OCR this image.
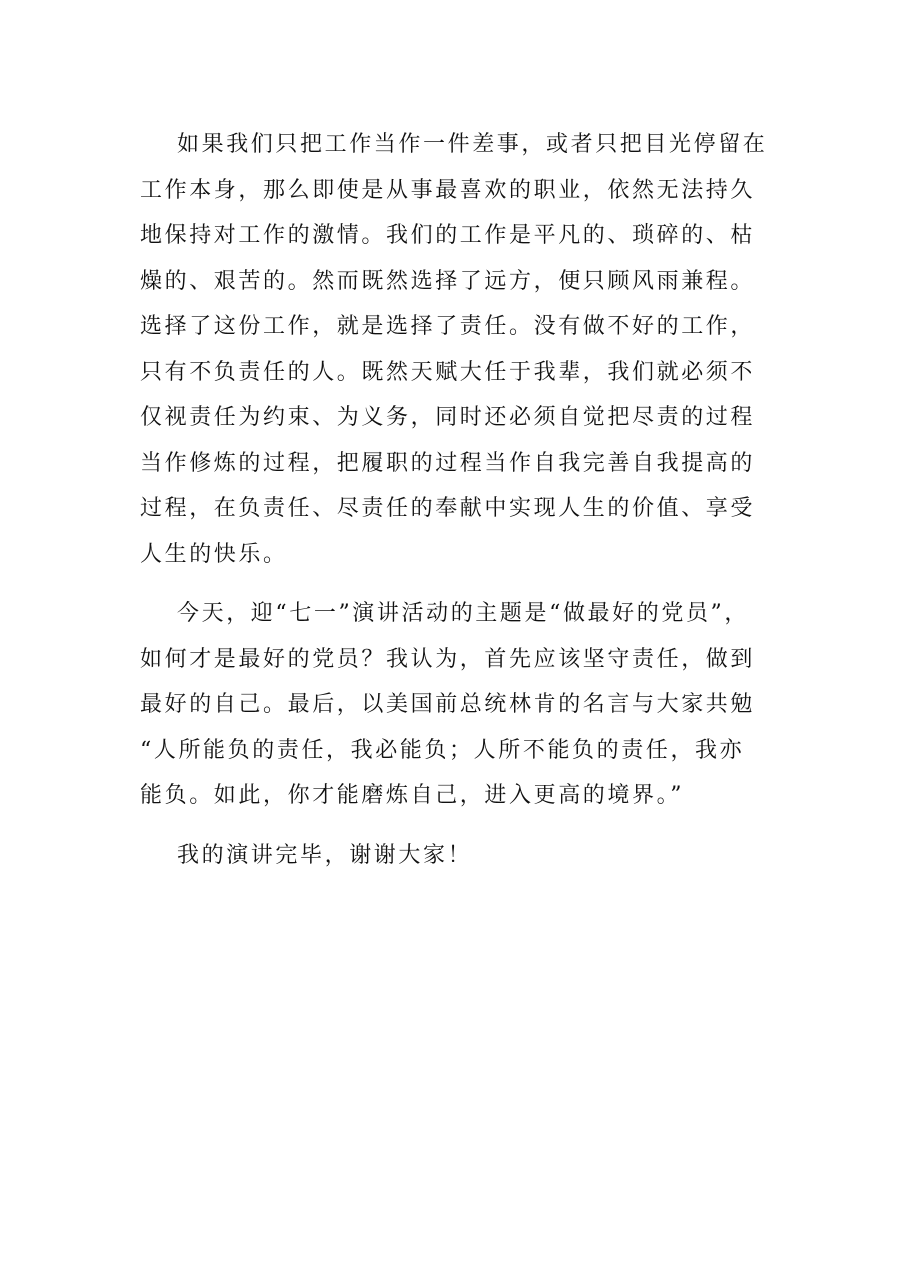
如果我们只把工作当作一件差事，或者只把目光停留在
工作本身，那么即使是从事最喜欢的职业，依然无法持久
地保持对工作的激情。我们的工作是平凡的、琐碎的、枯
燥的、艰苦的。然而既然选择了远方，便只顾风雨兼程。
选择了这份工作，就是选择了责任。没有做不好的工作，
只有不负责任的人。既然天赋大任于我辈，我们就必须不
仅视责任为约束、为义务，同时还必须自觉把尽责的过程
当作修炼的过程，把履职的过程当作自我完善自我提高的
过程，在负责任、尽责任的奉献中实现人生的价值、享受
人生的快乐。
今天，迎“七一”演讲活动的主题是“做最好的党员”，
如何才是最好的党员？我认为，首先应该坚守责任，做到
最好的自己。最后，以美国前总统林肯的名言与大家共勉
“人所能负的责任，我必能负；人所不能负的责任，我亦
能负。如此，你才能磨炼自己，进入更高的境界。”
我的演讲完毕，谢谢大家！
